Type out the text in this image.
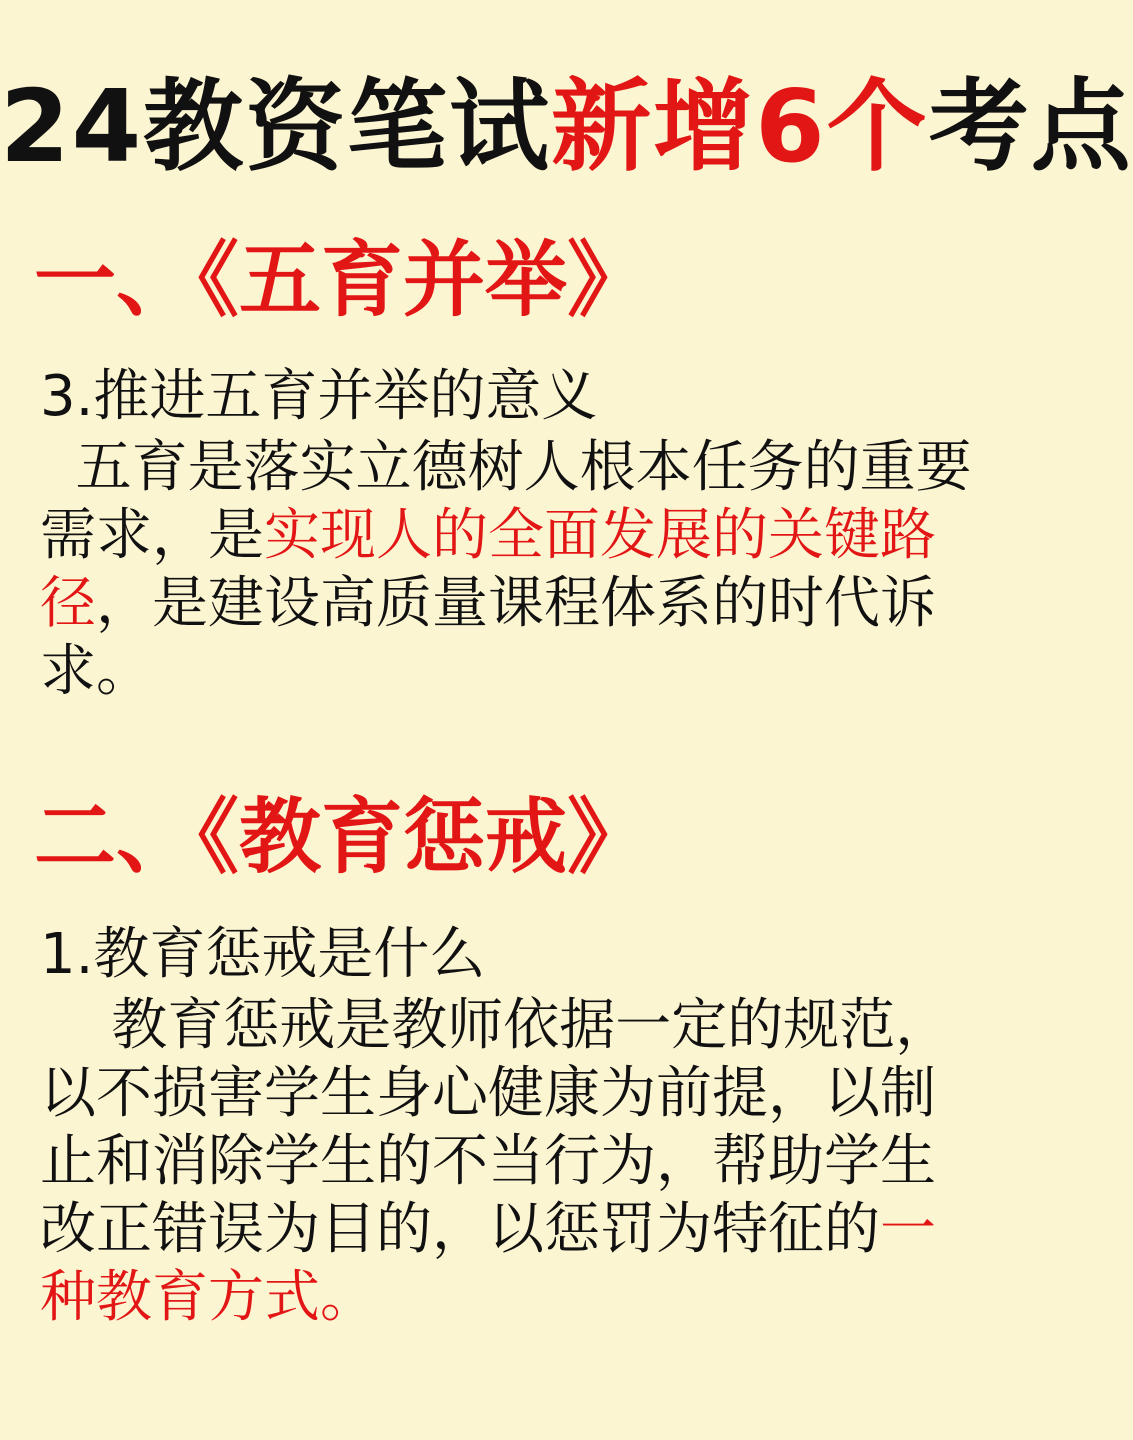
24教资笔试新增6个考点
一、《五育并举》
3.推进五育并举的意义

五育是落实立德树人根本任务的重要
需求，是实现人的全面发展的关键路
径，是建设高质量课程体系的时代诉
求。

二、《教育惩戒》
1.教育惩戒是什么

教育惩戒是教师依据一定的规范，
以不损害学生身心健康为前提，以制
止和消除学生的不当行为，帮助学生
改正错误为目的，以惩罚为特征的一
种教育方式。
